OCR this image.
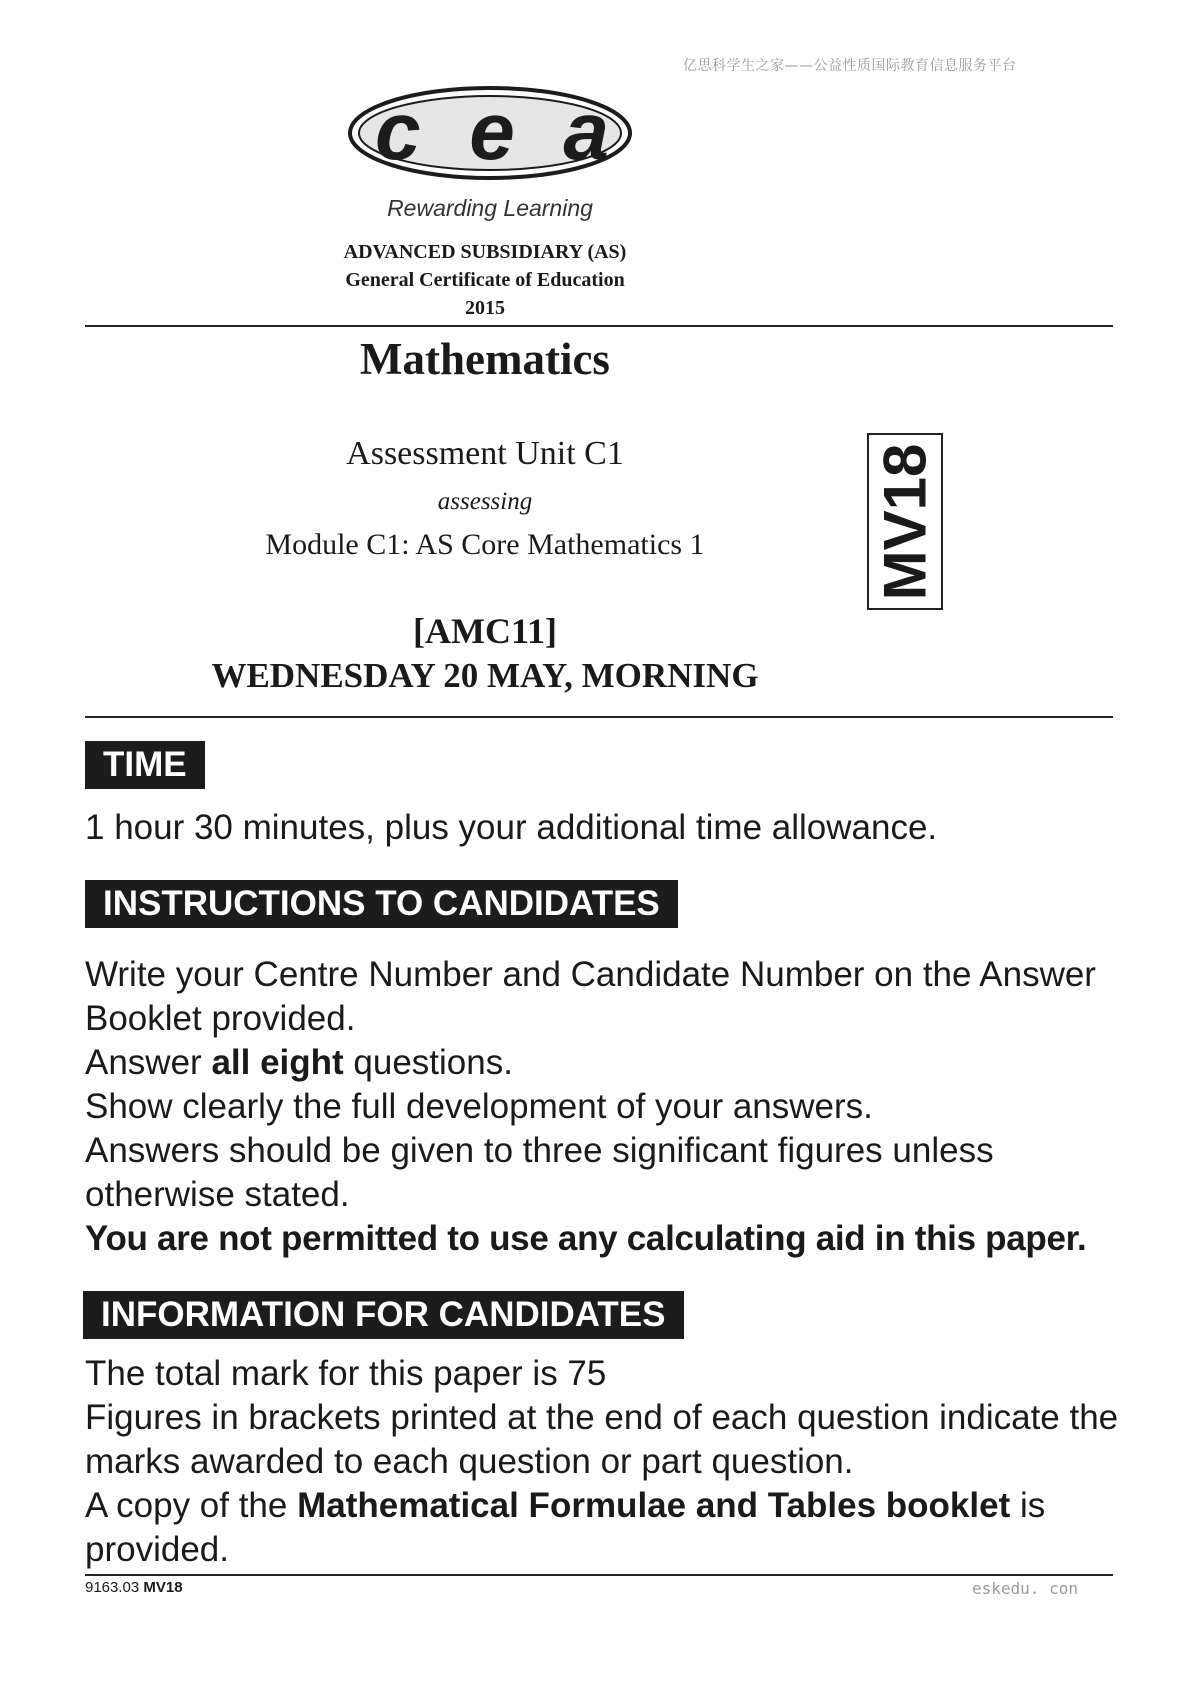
亿思科学生之家——公益性质国际教育信息服务平台
cea
Rewarding Learning
ADVANCED SUBSIDIARY (AS)
General Certificate of Education
2015
Mathematics
Assessment Unit C1
assessing
Module C1: AS Core Mathematics 1	MV18
[AMC11]
WEDNESDAY 20 MAY, MORNING
TIME
1 hour 30 minutes, plus your additional time allowance.
INSTRUCTIONS TO CANDIDATES
Write your Centre Number and Candidate Number on the Answer Booklet provided.
Answer all eight questions.
Show clearly the full development of your answers.
Answers should be given to three significant figures unless otherwise stated.
You are not permitted to use any calculating aid in this paper.
INFORMATION FOR CANDIDATES
The total mark for this paper is 75
Figures in brackets printed at the end of each question indicate the marks awarded to each question or part question.
A copy of the Mathematical Formulae and Tables booklet is provided.
9163.03 MV18	eskedu. con
